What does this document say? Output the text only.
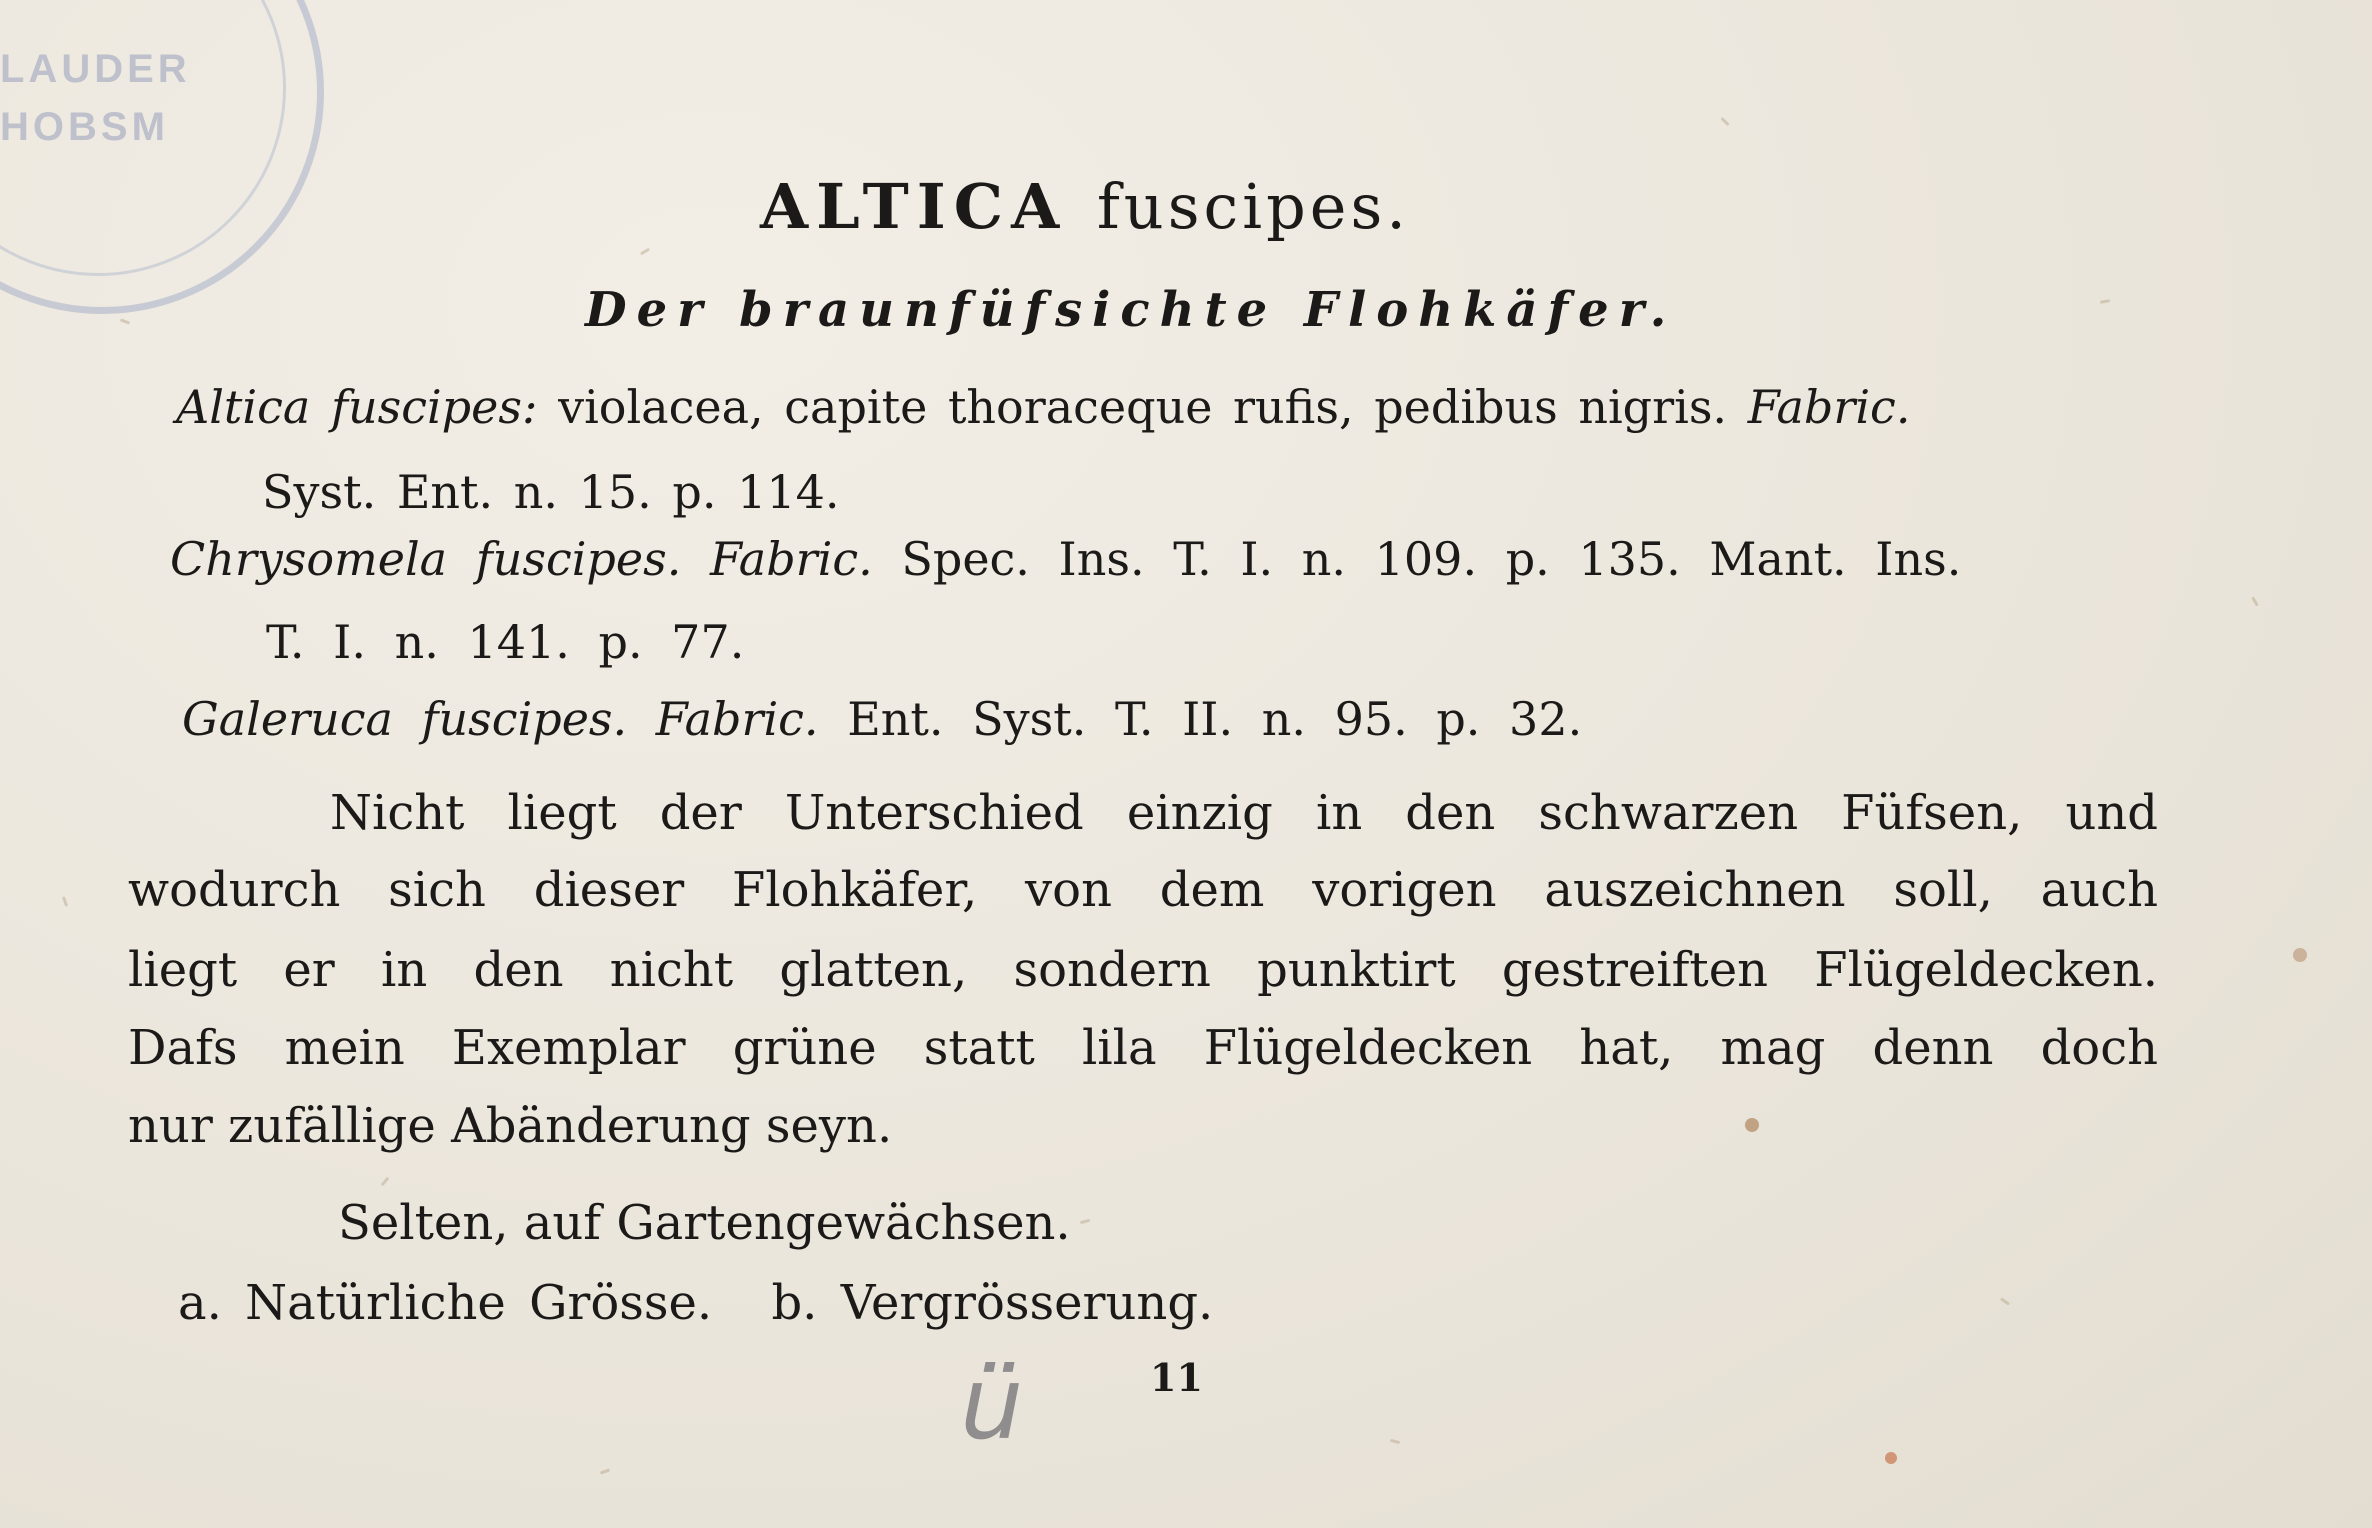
LAUDER
HOBSM
ALTICA fuscipes.
Der braunfüfsichte Flohkäfer.
Altica fuscipes: violacea, capite thoraceque rufis, pedibus nigris. Fabric.
Syst. Ent. n. 15. p. 114.
Chrysomela fuscipes. Fabric. Spec. Ins. T. I. n. 109. p. 135. Mant. Ins.
T. I. n. 141. p. 77.
Galeruca fuscipes. Fabric. Ent. Syst. T. II. n. 95. p. 32.

Nicht liegt der Unterschied einzig in den schwarzen Füfsen, und

wodurch sich dieser Flohkäfer, von dem vorigen auszeichnen soll, auch

liegt er in den nicht glatten, sondern punktirt gestreiften Flügeldecken.

Dafs mein Exemplar grüne statt lila Flügeldecken hat, mag denn doch

nur zufällige Abänderung seyn.

Selten, auf Gartengewächsen.
a. Natürliche Grösse. b. Vergrösserung.
ü	11
